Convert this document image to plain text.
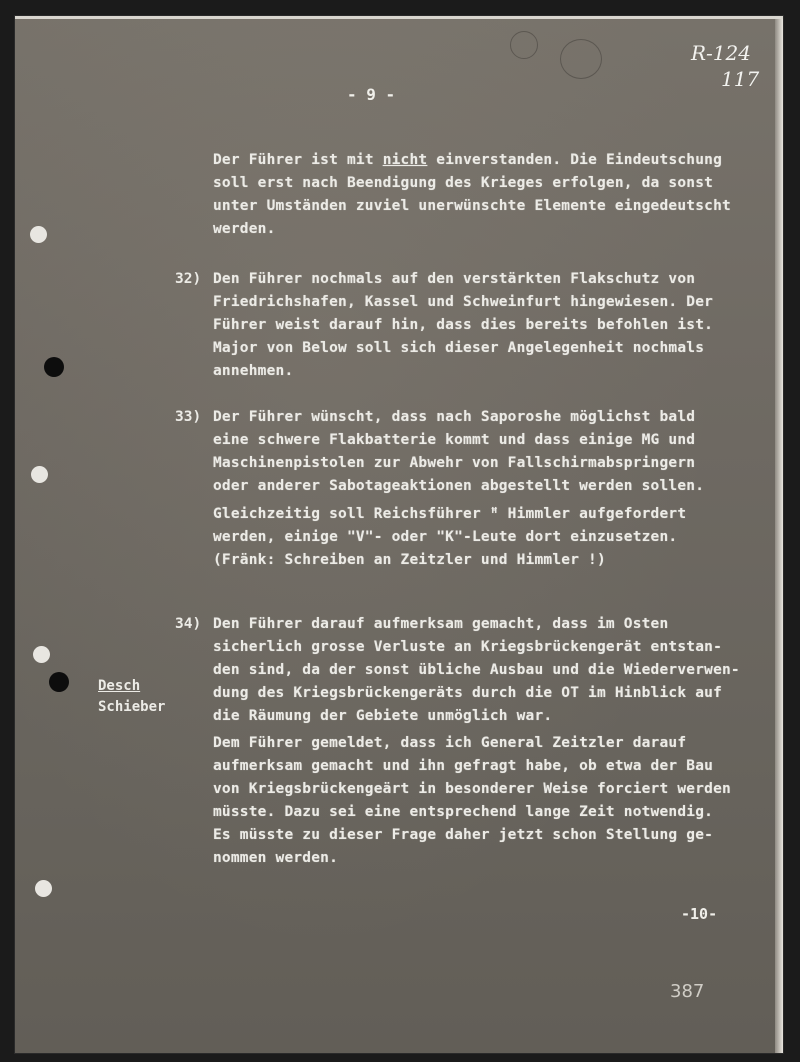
R-124
117
- 9 -
Der Führer ist mit nicht einverstanden. Die Eindeutschung
soll erst nach Beendigung des Krieges erfolgen, da sonst
unter Umständen zuviel unerwünschte Elemente eingedeutscht
werden.
32) Den Führer nochmals auf den verstärkten Flakschutz von
Friedrichshafen, Kassel und Schweinfurt hingewiesen. Der
Führer weist darauf hin, dass dies bereits befohlen ist.
Major von Below soll sich dieser Angelegenheit nochmals
annehmen.
33) Der Führer wünscht, dass nach Saporoshe möglichst bald
eine schwere Flakbatterie kommt und dass einige MG und
Maschinenpistolen zur Abwehr von Fallschirmabspringern
oder anderer Sabotageaktionen abgestellt werden sollen.
Gleichzeitig soll Reichsführer ꟸ Himmler aufgefordert
werden, einige "V"- oder "K"-Leute dort einzusetzen.
(Fränk: Schreiben an Zeitzler und Himmler !)
34) Den Führer darauf aufmerksam gemacht, dass im Osten
sicherlich grosse Verluste an Kriegsbrückengerät entstan-
den sind, da der sonst übliche Ausbau und die Wiederverwen-
dung des Kriegsbrückengeräts durch die OT im Hinblick auf
die Räumung der Gebiete unmöglich war.
Dem Führer gemeldet, dass ich General Zeitzler darauf
aufmerksam gemacht und ihn gefragt habe, ob etwa der Bau
von Kriegsbrückengeärt in besonderer Weise forciert werden
müsste. Dazu sei eine entsprechend lange Zeit notwendig.
Es müsste zu dieser Frage daher jetzt schon Stellung ge-
nommen werden.
Desch
Schieber
-10-
387
